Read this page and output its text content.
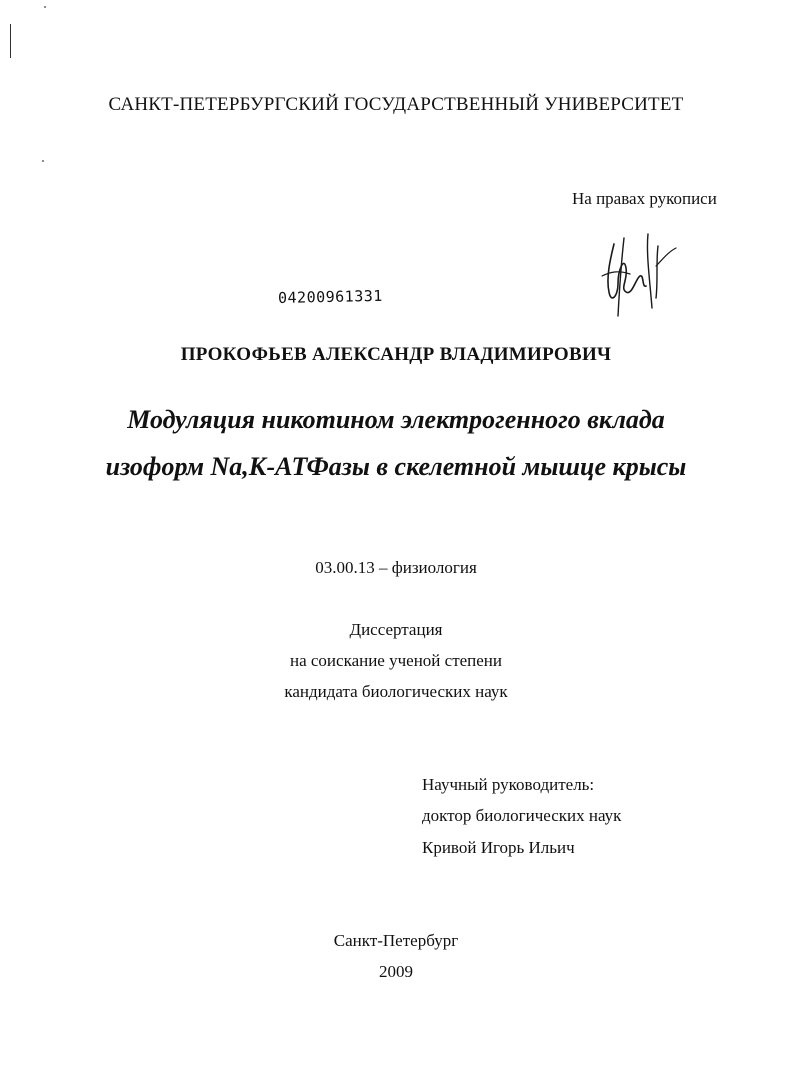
САНКТ-ПЕТЕРБУРГСКИЙ ГОСУДАРСТВЕННЫЙ УНИВЕРСИТЕТ
На правах рукописи
04200961331
ПРОКОФЬЕВ АЛЕКСАНДР ВЛАДИМИРОВИЧ
Модуляция никотином электрогенного вклада
изоформ Na,К-АТФазы в скелетной мышце крысы
03.00.13 – физиология
Диссертация
на соискание ученой степени
кандидата биологических наук
Научный руководитель:
доктор биологических наук
Кривой Игорь Ильич
Санкт-Петербург
2009
